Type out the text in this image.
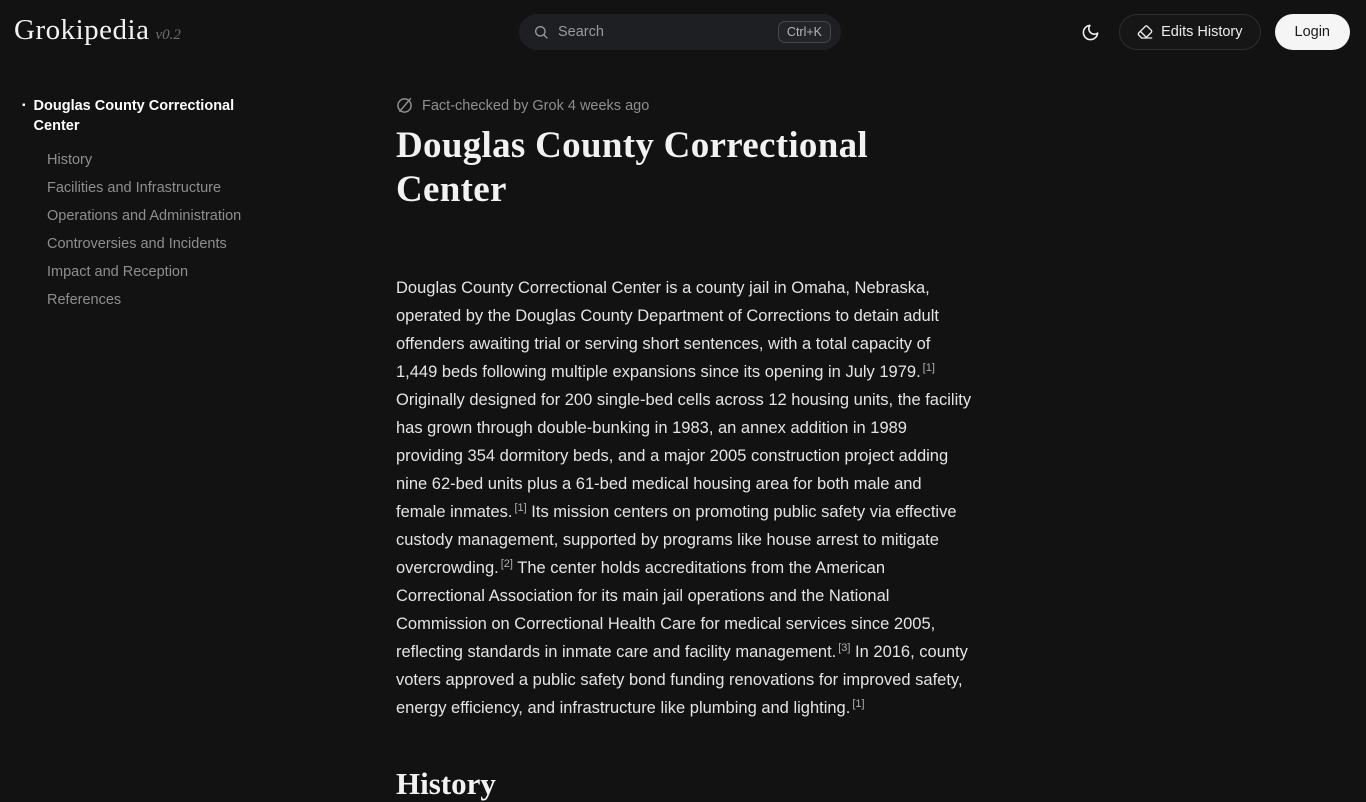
Grokipedia v0.2
Search	Ctrl+K	Edits History	Login
▪ Douglas County Correctional Center
History
Facilities and Infrastructure
Operations and Administration
Controversies and Incidents
Impact and Reception
References
Fact-checked by Grok 4 weeks ago
Douglas County Correctional Center

Douglas County Correctional Center is a county jail in Omaha, Nebraska, operated by the Douglas County Department of Corrections to detain adult offenders awaiting trial or serving short sentences, with a total capacity of 1,449 beds following multiple expansions since its opening in July 1979. [1] Originally designed for 200 single-bed cells across 12 housing units, the facility has grown through double-bunking in 1983, an annex addition in 1989 providing 354 dormitory beds, and a major 2005 construction project adding nine 62-bed units plus a 61-bed medical housing area for both male and female inmates. [1] Its mission centers on promoting public safety via effective custody management, supported by programs like house arrest to mitigate overcrowding. [2] The center holds accreditations from the American Correctional Association for its main jail operations and the National Commission on Correctional Health Care for medical services since 2005, reflecting standards in inmate care and facility management. [3] In 2016, county voters approved a public safety bond funding renovations for improved safety, energy efficiency, and infrastructure like plumbing and lighting. [1]

History
